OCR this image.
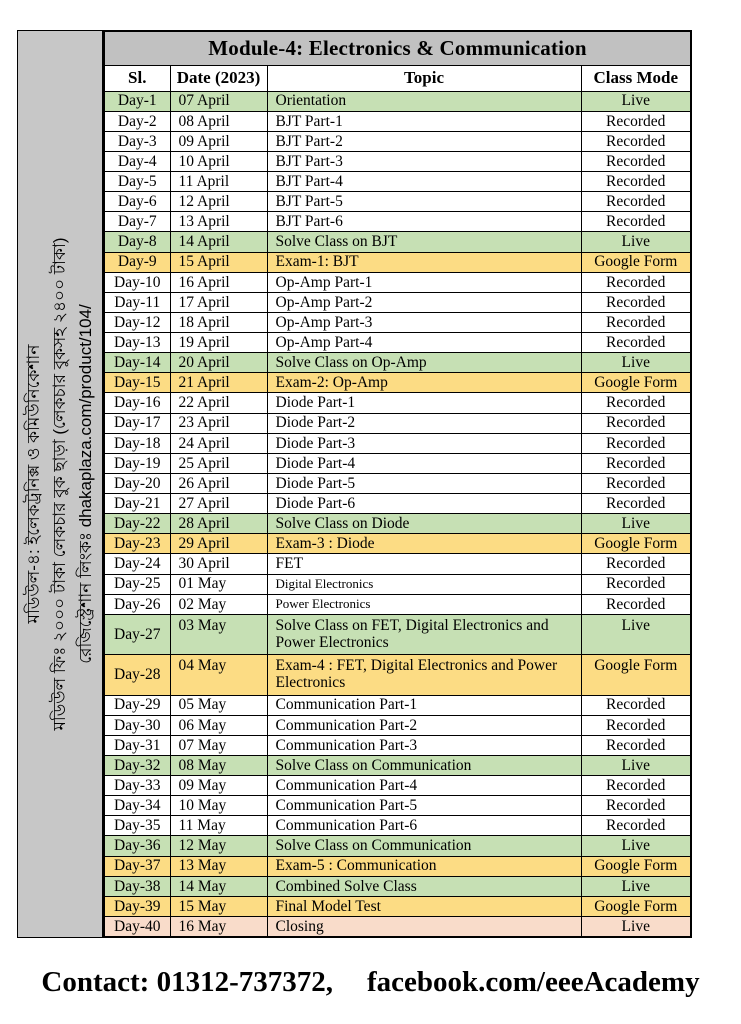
মডিউল-৪: ইলেকট্রনিক্স ও কমিউনিকেশান মডিউল ফিঃ ২০০০ টাকা লেকচার বুক ছাড়া (লেকচার বুকসহ ২৪০০ টাকা) রেজিস্ট্রেশান লিংকঃ dhakaplaza.com/product/104/
Module-4: Electronics & Communication			
Sl.	Date (2023)	Topic	Class Mode
Day-1	07 April	Orientation	Live
Day-2	08 April	BJT Part-1	Recorded
Day-3	09 April	BJT Part-2	Recorded
Day-4	10 April	BJT Part-3	Recorded
Day-5	11 April	BJT Part-4	Recorded
Day-6	12 April	BJT Part-5	Recorded
Day-7	13 April	BJT Part-6	Recorded
Day-8	14 April	Solve Class on BJT	Live
Day-9	15 April	Exam-1: BJT	Google Form
Day-10	16 April	Op-Amp Part-1	Recorded
Day-11	17 April	Op-Amp Part-2	Recorded
Day-12	18 April	Op-Amp Part-3	Recorded
Day-13	19 April	Op-Amp Part-4	Recorded
Day-14	20 April	Solve Class on Op-Amp	Live
Day-15	21 April	Exam-2: Op-Amp	Google Form
Day-16	22 April	Diode Part-1	Recorded
Day-17	23 April	Diode Part-2	Recorded
Day-18	24 April	Diode Part-3	Recorded
Day-19	25 April	Diode Part-4	Recorded
Day-20	26 April	Diode Part-5	Recorded
Day-21	27 April	Diode Part-6	Recorded
Day-22	28 April	Solve Class on Diode	Live
Day-23	29 April	Exam-3 : Diode	Google Form
Day-24	30 April	FET	Recorded
Day-25	01 May	Digital Electronics	Recorded
Day-26	02 May	Power Electronics	Recorded
Day-27	03 May	Solve Class on FET, Digital Electronics and Power Electronics	Live
Day-28	04 May	Exam-4 : FET, Digital Electronics and Power Electronics	Google Form
Day-29	05 May	Communication Part-1	Recorded
Day-30	06 May	Communication Part-2	Recorded
Day-31	07 May	Communication Part-3	Recorded
Day-32	08 May	Solve Class on Communication	Live
Day-33	09 May	Communication Part-4	Recorded
Day-34	10 May	Communication Part-5	Recorded
Day-35	11 May	Communication Part-6	Recorded
Day-36	12 May	Solve Class on Communication	Live
Day-37	13 May	Exam-5 : Communication	Google Form
Day-38	14 May	Combined Solve Class	Live
Day-39	15 May	Final Model Test	Google Form
Day-40	16 May	Closing	Live
Contact: 01312-737372, facebook.com/eeeAcademy
